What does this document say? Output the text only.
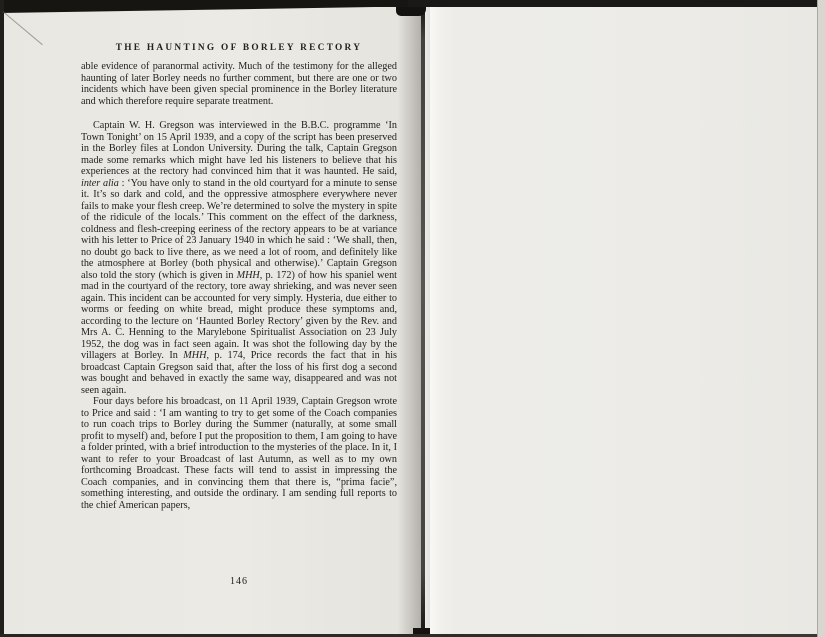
THE HAUNTING OF BORLEY RECTORY

able evidence of paranormal activity. Much of the testimony for the alleged haunting of later Borley needs no further comment, but there are one or two incidents which have been given special prominence in the Borley literature and which therefore require separate treatment.

Captain W. H. Gregson was interviewed in the B.B.C. programme ‘In Town Tonight’ on 15 April 1939, and a copy of the script has been preserved in the Borley files at London University. During the talk, Captain Gregson made some remarks which might have led his listeners to believe that his experiences at the rectory had convinced him that it was haunted. He said, inter alia : ‘You have only to stand in the old courtyard for a minute to sense it. It’s so dark and cold, and the oppressive atmosphere everywhere never fails to make your flesh creep. We’re determined to solve the mystery in spite of the ridicule of the locals.’ This comment on the effect of the darkness, coldness and flesh-creeping eeriness of the rectory appears to be at variance with his letter to Price of 23 January 1940 in which he said : ‘We shall, then, no doubt go back to live there, as we need a lot of room, and definitely like the atmosphere at Borley (both physical and otherwise).’ Captain Gregson also told the story (which is given in MHH, p. 172) of how his spaniel went mad in the courtyard of the rectory, tore away shrieking, and was never seen again. This incident can be accounted for very simply. Hysteria, due either to worms or feeding on white bread, might produce these symptoms and, according to the lecture on ‘Haunted Borley Rectory’ given by the Rev. and Mrs A. C. Henning to the Marylebone Spiritualist Association on 23 July 1952, the dog was in fact seen again. It was shot the following day by the villagers at Borley. In MHH, p. 174, Price records the fact that in his broadcast Captain Gregson said that, after the loss of his first dog a second was bought and behaved in exactly the same way, disappeared and was not seen again.

Four days before his broadcast, on 11 April 1939, Captain Gregson wrote to Price and said : ‘I am wanting to try to get some of the Coach companies to run coach trips to Borley during the Summer (naturally, at some small profit to myself) and, before I put the proposition to them, I am going to have a folder printed, with a brief introduction to the mysteries of the place. In it, I want to refer to your Broadcast of last Autumn, as well as to my own forthcoming Broadcast. These facts will tend to assist in impressing the Coach companies, and in convincing them that there is, “prima facie”, something interesting, and outside the ordinary. I am sending full reports to the chief American papers,

146
